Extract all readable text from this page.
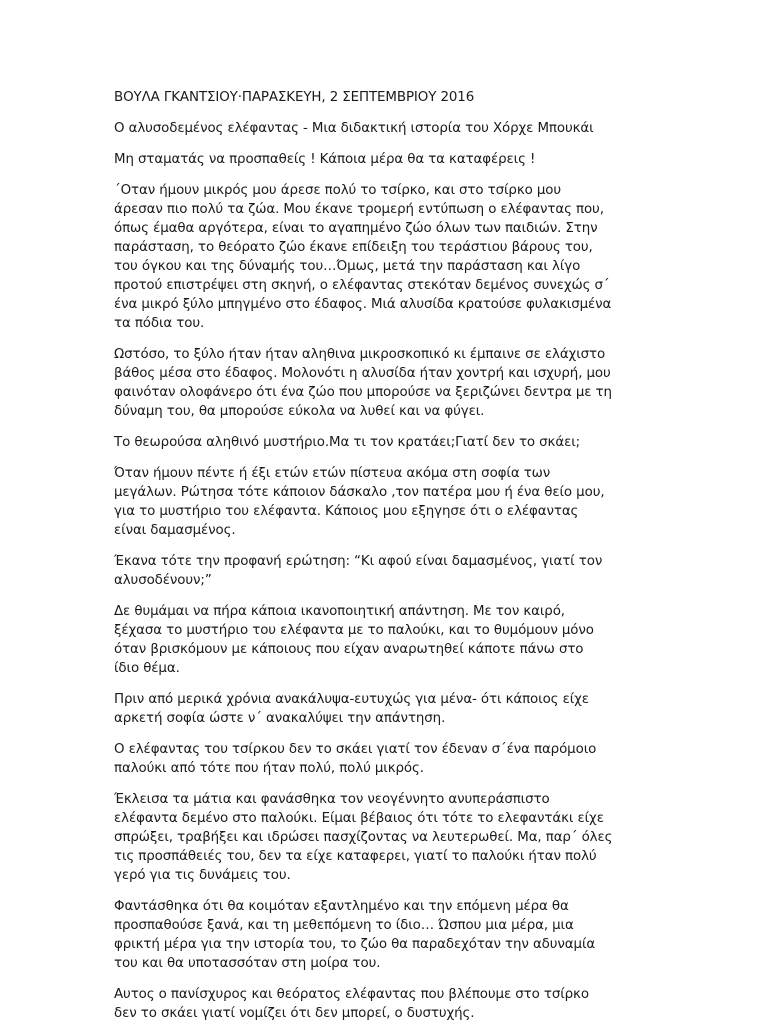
ΒΟΥΛΑ ΓΚΑΝΤΣΙΟΥ·ΠΑΡΑΣΚΕΥΗ, 2 ΣΕΠΤΕΜΒΡΙΟΥ 2016
Ο αλυσοδεμένος ελέφαντας - Μια διδακτική ιστορία του Χόρχε Μπουκάι
Μη σταματάς να προσπαθείς ! Κάποια μέρα θα τα καταφέρεις !
΄Οταν ήμουν μικρός μου άρεσε πολύ το τσίρκο, και στο τσίρκο μου
άρεσαν πιο πολύ τα ζώα. Μου έκανε τρομερή εντύπωση ο ελέφαντας που,
όπως έμαθα αργότερα, είναι το αγαπημένο ζώο όλων των παιδιών. Στην
παράσταση, το θεόρατο ζώο έκανε επίδειξη του τεράστιου βάρους του,
του όγκου και της δύναμής του…Όμως, μετά την παράσταση και λίγο
προτού επιστρέψει στη σκηνή, ο ελέφαντας στεκόταν δεμένος συνεχώς σ΄
ένα μικρό ξύλο μπηγμένο στο έδαφος. Μιά αλυσίδα κρατούσε φυλακισμένα
τα πόδια του.
Ωστόσο, το ξύλο ήταν ήταν αληθινα μικροσκοπικό κι έμπαινε σε ελάχιστο
βάθος μέσα στο έδαφος. Μολονότι η αλυσίδα ήταν χοντρή και ισχυρή, μου
φαινόταν ολοφάνερο ότι ένα ζώο που μπορούσε να ξεριζώνει δεντρα με τη
δύναμη του, θα μπορούσε εύκολα να λυθεί και να φύγει.
Το θεωρούσα αληθινό μυστήριο.Μα τι τον κρατάει;Γιατί δεν το σκάει;
Όταν ήμουν πέντε ή έξι ετών ετών πίστευα ακόμα στη σοφία των
μεγάλων. Ρώτησα τότε κάποιον δάσκαλο ,τον πατέρα μου ή ένα θείο μου,
για το μυστήριο του ελέφαντα. Κάποιος μου εξηγησε ότι ο ελέφαντας
είναι δαμασμένος.
Έκανα τότε την προφανή ερώτηση: “Κι αφού είναι δαμασμένος, γιατί τον
αλυσοδένουν;”
Δε θυμάμαι να πήρα κάποια ικανοποιητική απάντηση. Με τον καιρό,
ξέχασα το μυστήριο του ελέφαντα με το παλούκι, και το θυμόμουν μόνο
όταν βρισκόμουν με κάποιους που είχαν αναρωτηθεί κάποτε πάνω στο
ίδιο θέμα.
Πριν από μερικά χρόνια ανακάλυψα-ευτυχώς για μένα- ότι κάποιος είχε
αρκετή σοφία ώστε ν΄ ανακαλύψει την απάντηση.
Ο ελέφαντας του τσίρκου δεν το σκάει γιατί τον έδεναν σ΄ένα παρόμοιο
παλούκι από τότε που ήταν πολύ, πολύ μικρός.
Έκλεισα τα μάτια και φανάσθηκα τον νεογέννητο ανυπεράσπιστο
ελέφαντα δεμένο στο παλούκι. Είμαι βέβαιος ότι τότε το ελεφαντάκι είχε
σπρώξει, τραβήξει και ιδρώσει πασχίζοντας να λευτερωθεί. Μα, παρ΄ όλες
τις προσπάθειές του, δεν τα είχε καταφερει, γιατί το παλούκι ήταν πολύ
γερό για τις δυνάμεις του.
Φαντάσθηκα ότι θα κοιμόταν εξαντλημένο και την επόμενη μέρα θα
προσπαθούσε ξανά, και τη μεθεπόμενη το ίδιο… Ώσπου μια μέρα, μια
φρικτή μέρα για την ιστορία του, το ζώο θα παραδεχόταν την αδυναμία
του και θα υποτασσόταν στη μοίρα του.
Αυτος ο πανίσχυρος και θεόρατος ελέφαντας που βλέπουμε στο τσίρκο
δεν το σκάει γιατί νομίζει ότι δεν μπορεί, ο δυστυχής.
